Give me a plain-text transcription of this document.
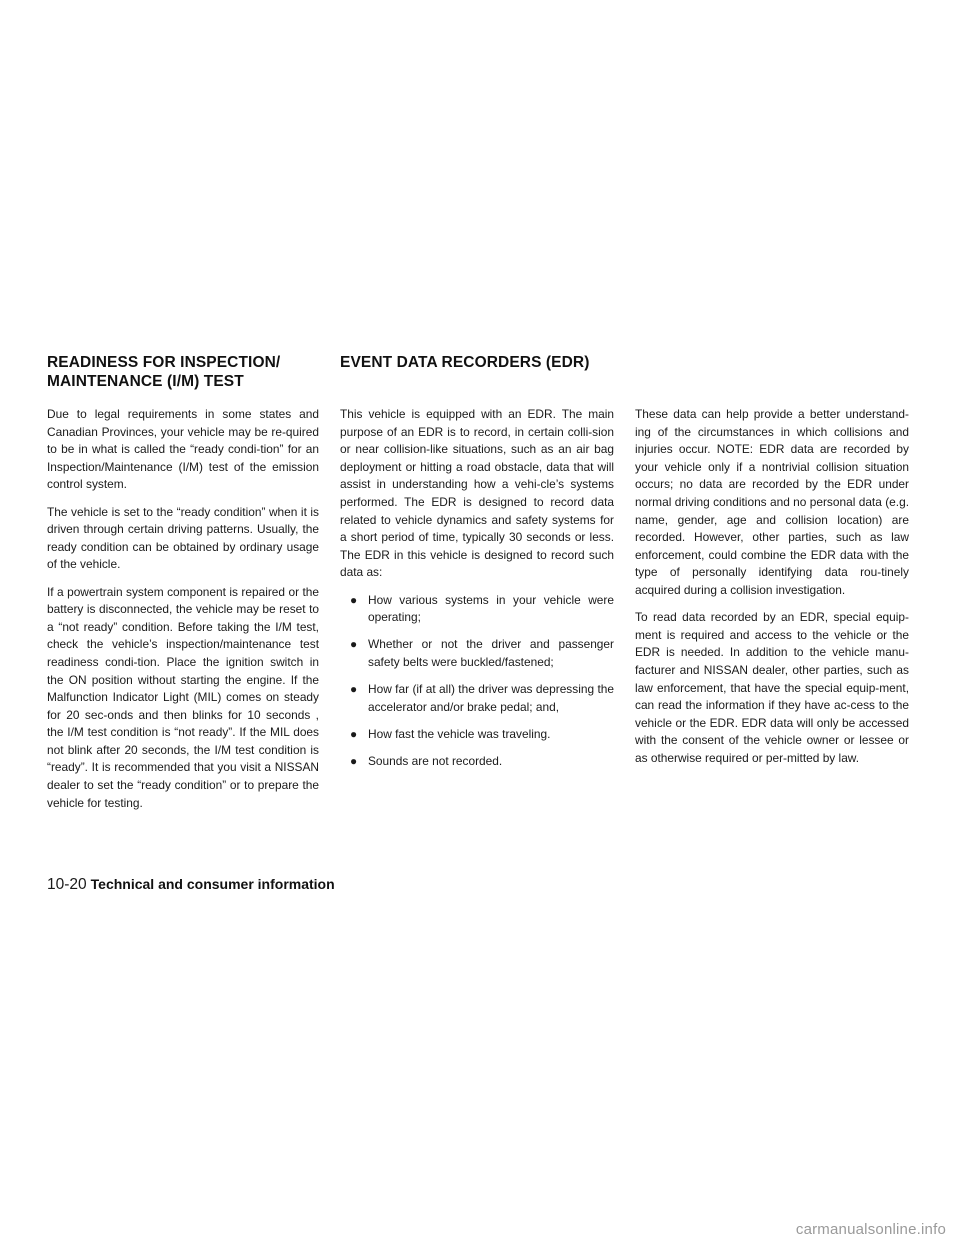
READINESS FOR INSPECTION/
MAINTENANCE (I/M) TEST
EVENT DATA RECORDERS (EDR)

Due to legal requirements in some states and Canadian Provinces, your vehicle may be re-quired to be in what is called the “ready condi-tion” for an Inspection/Maintenance (I/M) test of the emission control system.

The vehicle is set to the “ready condition” when it is driven through certain driving patterns. Usually, the ready condition can be obtained by ordinary usage of the vehicle.

If a powertrain system component is repaired or the battery is disconnected, the vehicle may be reset to a “not ready” condition. Before taking the I/M test, check the vehicle’s inspection/maintenance test readiness condi-tion. Place the ignition switch in the ON position without starting the engine. If the Malfunction Indicator Light (MIL) comes on steady for 20 sec-onds and then blinks for 10 seconds , the I/M test condition is “not ready”. If the MIL does not blink after 20 seconds, the I/M test condition is “ready”. It is recommended that you visit a NISSAN dealer to set the “ready condition” or to prepare the vehicle for testing.

This vehicle is equipped with an EDR. The main purpose of an EDR is to record, in certain colli-sion or near collision-like situations, such as an air bag deployment or hitting a road obstacle, data that will assist in understanding how a vehi-cle’s systems performed. The EDR is designed to record data related to vehicle dynamics and safety systems for a short period of time, typically 30 seconds or less. The EDR in this vehicle is designed to record such data as:

● How various systems in your vehicle were operating;
● Whether or not the driver and passenger safety belts were buckled/fastened;
● How far (if at all) the driver was depressing the accelerator and/or brake pedal; and,
● How fast the vehicle was traveling.
● Sounds are not recorded.

These data can help provide a better understand-ing of the circumstances in which collisions and injuries occur. NOTE: EDR data are recorded by your vehicle only if a nontrivial collision situation occurs; no data are recorded by the EDR under normal driving conditions and no personal data (e.g. name, gender, age and collision location) are recorded. However, other parties, such as law enforcement, could combine the EDR data with the type of personally identifying data rou-tinely acquired during a collision investigation.

To read data recorded by an EDR, special equip-ment is required and access to the vehicle or the EDR is needed. In addition to the vehicle manu-facturer and NISSAN dealer, other parties, such as law enforcement, that have the special equip-ment, can read the information if they have ac-cess to the vehicle or the EDR. EDR data will only be accessed with the consent of the vehicle owner or lessee or as otherwise required or per-mitted by law.

10-20 Technical and consumer information
carmanualsonline.info
